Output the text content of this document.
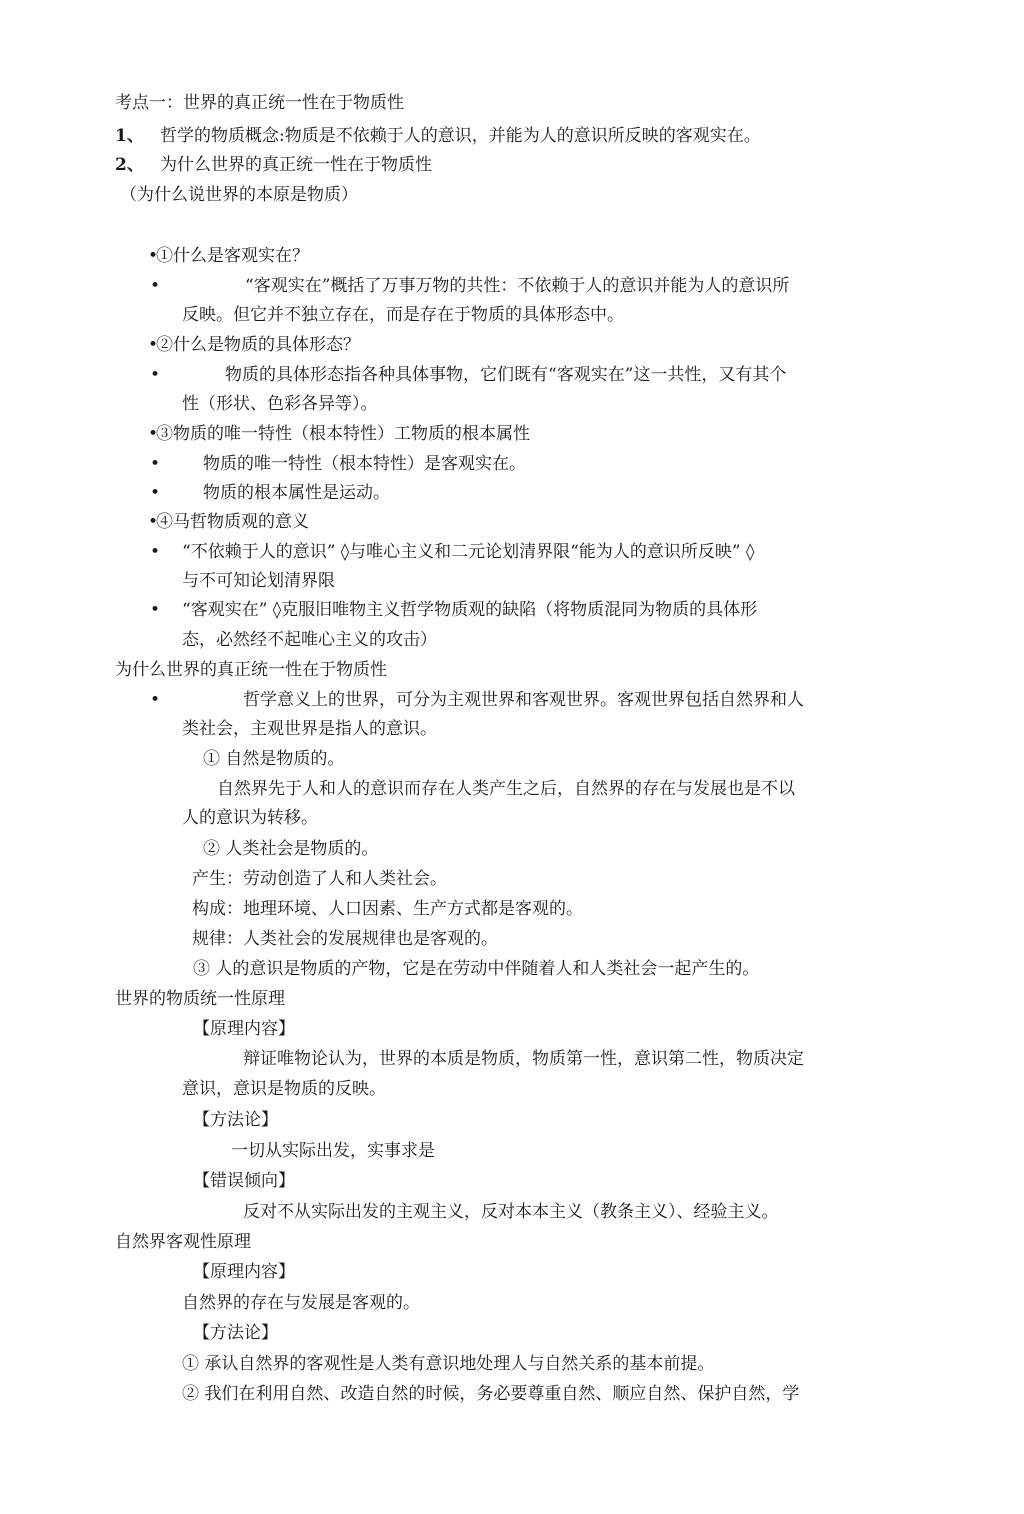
考点一：世界的真正统一性在于物质性
1、 哲学的物质概念:物质是不依赖于人的意识，并能为人的意识所反映的客观实在。
2、 为什么世界的真正统一性在于物质性
（为什么说世界的本原是物质）
•
①什么是客观实在？
•	“客观实在”概括了万事万物的共性：不依赖于人的意识并能为人的意识所
反映。但它并不独立存在，而是存在于物质的具体形态中。
•
②什么是物质的具体形态？
•	物质的具体形态指各种具体事物，它们既有“客观实在”这一共性，又有其个
性（形状、色彩各异等）。
•
③物质的唯一特性（根本特性）工物质的根本属性
•	物质的唯一特性（根本特性）是客观实在。
•	物质的根本属性是运动。
•
④马哲物质观的意义
• “不依赖于人的意识” ◊与唯心主义和二元论划清界限“能为人的意识所反映” ◊
与不可知论划清界限
• “客观实在” ◊克服旧唯物主义哲学物质观的缺陷（将物质混同为物质的具体形
态，必然经不起唯心主义的攻击）
为什么世界的真正统一性在于物质性
•	哲学意义上的世界，可分为主观世界和客观世界。客观世界包括自然界和人
类社会，主观世界是指人的意识。
① 自然是物质的。
自然界先于人和人的意识而存在人类产生之后，自然界的存在与发展也是不以
人的意识为转移。
② 人类社会是物质的。
产生：劳动创造了人和人类社会。
构成：地理环境、人口因素、生产方式都是客观的。
规律：人类社会的发展规律也是客观的。
③ 人的意识是物质的产物，它是在劳动中伴随着人和人类社会一起产生的。
世界的物质统一性原理
【原理内容】
辩证唯物论认为，世界的本质是物质，物质第一性，意识第二性，物质决定
意识，意识是物质的反映。
【方法论】
一切从实际出发，实事求是
【错误倾向】
反对不从实际出发的主观主义，反对本本主义（教条主义）、经验主义。
自然界客观性原理
【原理内容】
自然界的存在与发展是客观的。
【方法论】
① 承认自然界的客观性是人类有意识地处理人与自然关系的基本前提。
② 我们在利用自然、改造自然的时候，务必要尊重自然、顺应自然、保护自然，学
